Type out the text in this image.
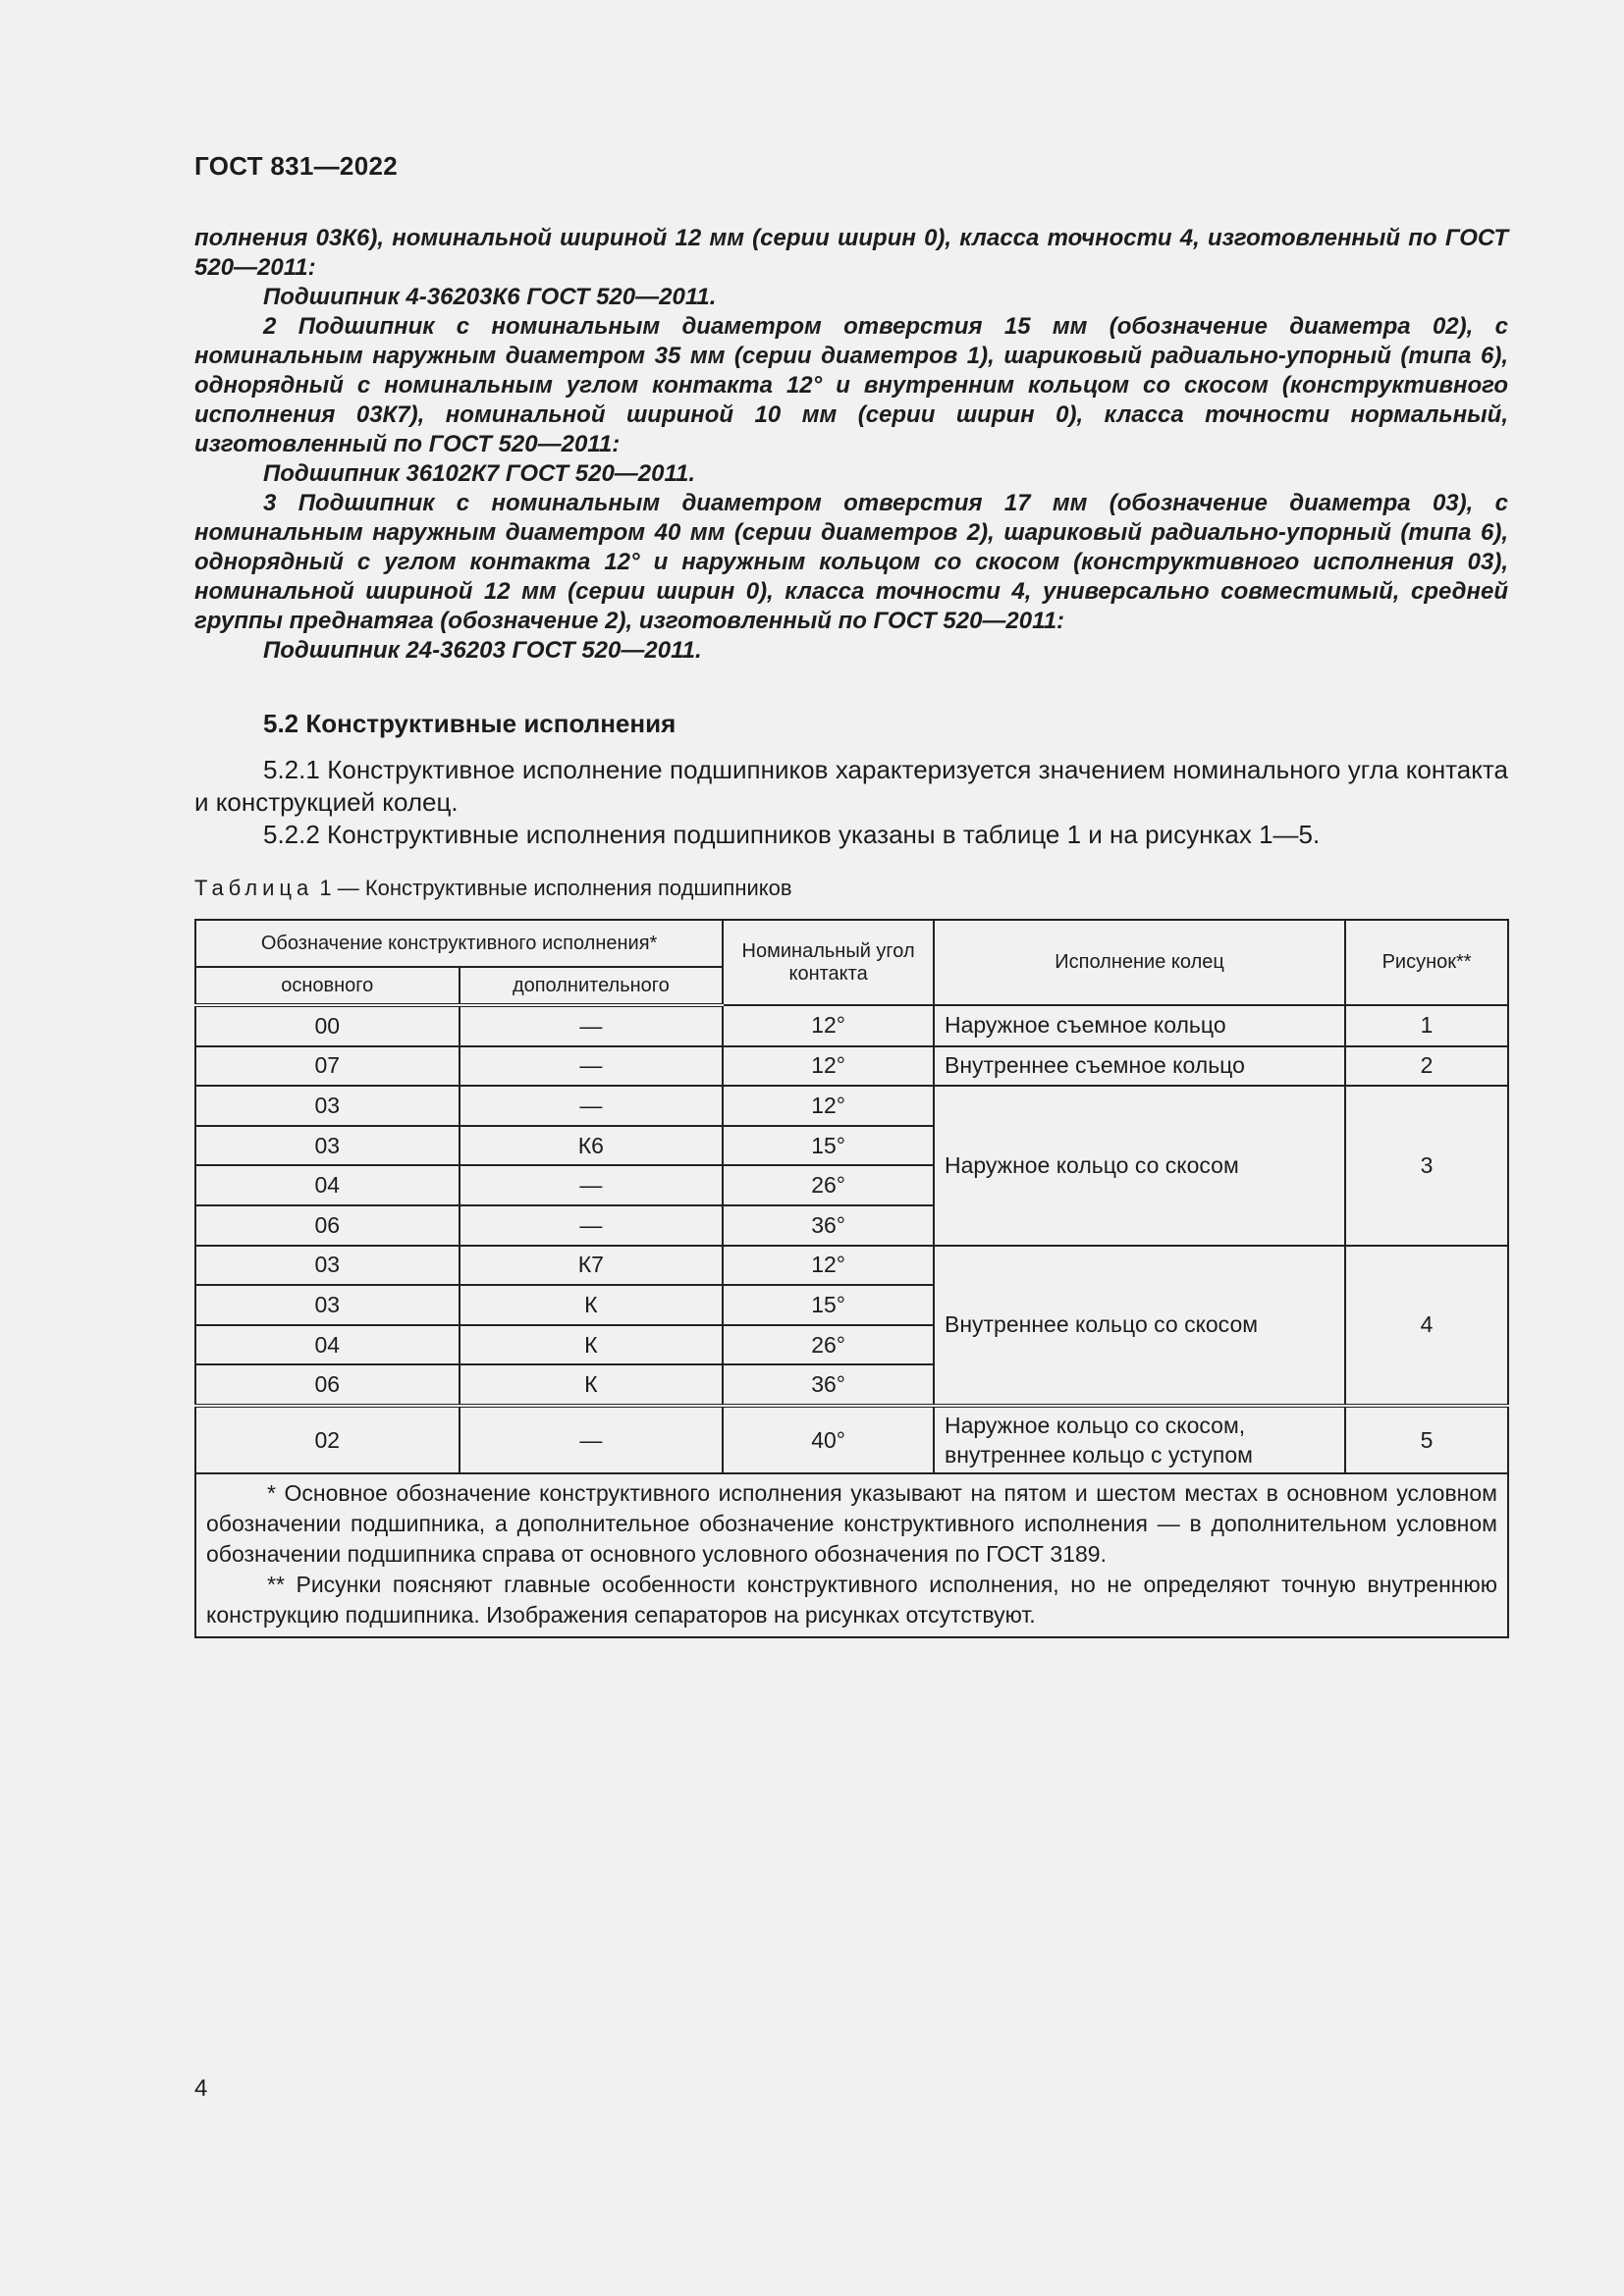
ГОСТ 831—2022

полнения 03К6), номинальной шириной 12 мм (серии ширин 0), класса точности 4, изготовленный по ГОСТ 520—2011:

Подшипник 4-36203К6 ГОСТ 520—2011.

2 Подшипник с номинальным диаметром отверстия 15 мм (обозначение диаметра 02), с номинальным наружным диаметром 35 мм (серии диаметров 1), шариковый радиально-упорный (типа 6), однорядный с номинальным углом контакта 12° и внутренним кольцом со скосом (конструктивного исполнения 03К7), номинальной шириной 10 мм (серии ширин 0), класса точности нормальный, изготовленный по ГОСТ 520—2011:

Подшипник 36102К7 ГОСТ 520—2011.

3 Подшипник с номинальным диаметром отверстия 17 мм (обозначение диаметра 03), с номинальным наружным диаметром 40 мм (серии диаметров 2), шариковый радиально-упорный (типа 6), однорядный с углом контакта 12° и наружным кольцом со скосом (конструктивного исполнения 03), номинальной шириной 12 мм (серии ширин 0), класса точности 4, универсально совместимый, средней группы преднатяга (обозначение 2), изготовленный по ГОСТ 520—2011:

Подшипник 24-36203 ГОСТ 520—2011.

5.2 Конструктивные исполнения

5.2.1 Конструктивное исполнение подшипников характеризуется значением номинального угла контакта и конструкцией колец.

5.2.2 Конструктивные исполнения подшипников указаны в таблице 1 и на рисунках 1—5.

Таблица 1 — Конструктивные исполнения подшипников
Обозначение конструктивного исполнения*		Номинальный угол контакта	Исполнение колец	Рисунок**
основного	дополнительного			
00	—	12°	Наружное съемное кольцо	1
07	—	12°	Внутреннее съемное кольцо	2
03	—	12°	Наружное кольцо со скосом	3
03	К6	15°		
04	—	26°		
06	—	36°		
03	К7	12°	Внутреннее кольцо со скосом	4
03	К	15°		
04	К	26°		
06	К	36°		
02	—	40°	Наружное кольцо со скосом,
внутреннее кольцо с уступом	5

* Основное обозначение конструктивного исполнения указывают на пятом и шестом местах в основном условном обозначении подшипника, а дополнительное обозначение конструктивного исполнения — в дополнительном условном обозначении подшипника справа от основного условного обозначения по ГОСТ 3189.

** Рисунки поясняют главные особенности конструктивного исполнения, но не определяют точную внутреннюю конструкцию подшипника. Изображения сепараторов на рисунках отсутствуют.				

4
